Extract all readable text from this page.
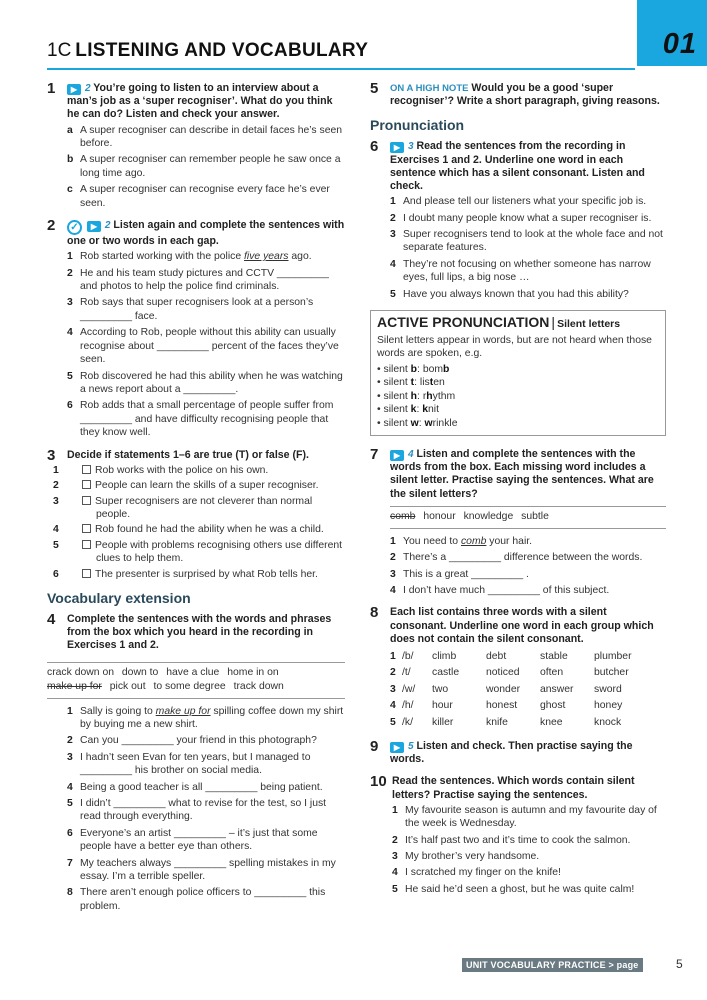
01
1C LISTENING AND VOCABULARY
1	▶ 2 You’re going to listen to an interview about a man’s job as a ‘super recogniser’. What do you think he can do? Listen and check your answer.
a A super recogniser can describe in detail faces he’s seen before.
b A super recogniser can remember people he saw once a long time ago.
c A super recogniser can recognise every face he’s ever seen.
2	✓ ▶ 2 Listen again and complete the sentences with one or two words in each gap.
1 Rob started working with the police five years ago.
2 He and his team study pictures and CCTV _________ and photos to help the police find criminals.
3 Rob says that super recognisers look at a person’s _________ face.
4 According to Rob, people without this ability can usually recognise about _________ percent of the faces they’ve seen.
5 Rob discovered he had this ability when he was watching a news report about a _________.
6 Rob adds that a small percentage of people suffer from _________ and have difficulty recognising people that they know well.
3 Decide if statements 1–6 are true (T) or false (F).
1	Rob works with the police on his own.
2	People can learn the skills of a super recogniser.
3	Super recognisers are not cleverer than normal people.
4	Rob found he had the ability when he was a child.
5	People with problems recognising others use different clues to help them.
6	The presenter is surprised by what Rob tells her.
Vocabulary extension
4 Complete the sentences with the words and phrases from the box which you heard in the recording in Exercises 1 and 2.
crack down on down to have a clue home in on
make up for pick out to some degree track down
1 Sally is going to make up for spilling coffee down my shirt by buying me a new shirt.
2 Can you _________ your friend in this photograph?
3 I hadn’t seen Evan for ten years, but I managed to _________ his brother on social media.
4 Being a good teacher is all _________ being patient.
5 I didn’t _________ what to revise for the test, so I just read through everything.
6 Everyone’s an artist _________ – it’s just that some people have a better eye than others.
7 My teachers always _________ spelling mistakes in my essay. I’m a terrible speller.
8 There aren’t enough police officers to _________ this problem.
5 ON A HIGH NOTE Would you be a good ‘super recogniser’? Write a short paragraph, giving reasons.
Pronunciation
6	▶ 3 Read the sentences from the recording in Exercises 1 and 2. Underline one word in each sentence which has a silent consonant. Listen and check.
1 And please tell our listeners what your specific job is.
2 I doubt many people know what a super recogniser is.
3 Super recognisers tend to look at the whole face and not separate features.
4 They’re not focusing on whether someone has narrow eyes, full lips, a big nose …
5 Have you always known that you had this ability?
ACTIVE PRONUNCIATION | Silent letters
Silent letters appear in words, but are not heard when those words are spoken, e.g.
• silent b: bomb
• silent t: listen
• silent h: rhythm
• silent k: knit
• silent w: wrinkle
7	▶ 4 Listen and complete the sentences with the words from the box. Each missing word includes a silent letter. Practise saying the sentences. What are the silent letters?
comb honour knowledge subtle
1 You need to comb your hair.
2 There’s a _________ difference between the words.
3 This is a great _________ .
4 I don’t have much _________ of this subject.
8 Each list contains three words with a silent consonant. Underline one word in each group which does not contain the silent consonant.
1	/b/	climb	debt	stable	plumber
2	/t/	castle	noticed	often	butcher
3	/w/	two	wonder	answer	sword
4	/h/	hour	honest	ghost	honey
5	/k/	killer	knife	knee	knock
9	▶ 5 Listen and check. Then practise saying the words.
10 Read the sentences. Which words contain silent letters? Practise saying the sentences.
1 My favourite season is autumn and my favourite day of the week is Wednesday.
2 It’s half past two and it’s time to cook the salmon.
3 My brother’s very handsome.
4 I scratched my finger on the knife!
5 He said he’d seen a ghost, but he was quite calm!
UNIT VOCABULARY PRACTICE > page 11
5
